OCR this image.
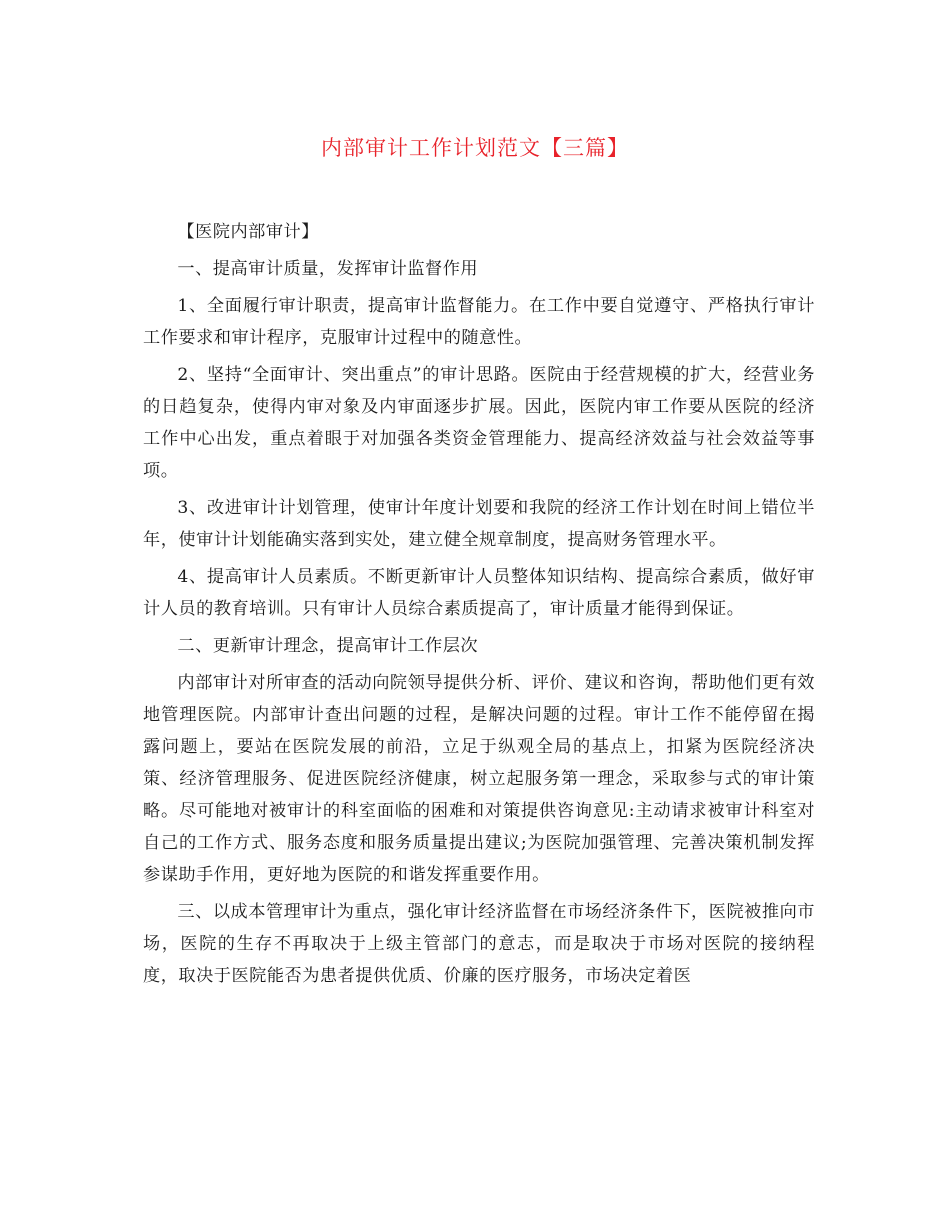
内部审计工作计划范文【三篇】

【医院内部审计】

一、提高审计质量，发挥审计监督作用

1、全面履行审计职责，提高审计监督能力。在工作中要自觉遵守、严格执行审计工作要求和审计程序，克服审计过程中的随意性。

2、坚持“全面审计、突出重点”的审计思路。医院由于经营规模的扩大，经营业务的日趋复杂，使得内审对象及内审面逐步扩展。因此，医院内审工作要从医院的经济工作中心出发，重点着眼于对加强各类资金管理能力、提高经济效益与社会效益等事项。

3、改进审计计划管理，使审计年度计划要和我院的经济工作计划在时间上错位半年，使审计计划能确实落到实处，建立健全规章制度，提高财务管理水平。

4、提高审计人员素质。不断更新审计人员整体知识结构、提高综合素质，做好审计人员的教育培训。只有审计人员综合素质提高了，审计质量才能得到保证。

二、更新审计理念，提高审计工作层次

内部审计对所审查的活动向院领导提供分析、评价、建议和咨询，帮助他们更有效地管理医院。内部审计查出问题的过程，是解决问题的过程。审计工作不能停留在揭露问题上，要站在医院发展的前沿，立足于纵观全局的基点上，扣紧为医院经济决策、经济管理服务、促进医院经济健康，树立起服务第一理念，采取参与式的审计策略。尽可能地对被审计的科室面临的困难和对策提供咨询意见:主动请求被审计科室对自己的工作方式、服务态度和服务质量提出建议;为医院加强管理、完善决策机制发挥参谋助手作用，更好地为医院的和谐发挥重要作用。

三、以成本管理审计为重点，强化审计经济监督在市场经济条件下，医院被推向市场，医院的生存不再取决于上级主管部门的意志，而是取决于市场对医院的接纳程度，取决于医院能否为患者提供优质、价廉的医疗服务，市场决定着医
